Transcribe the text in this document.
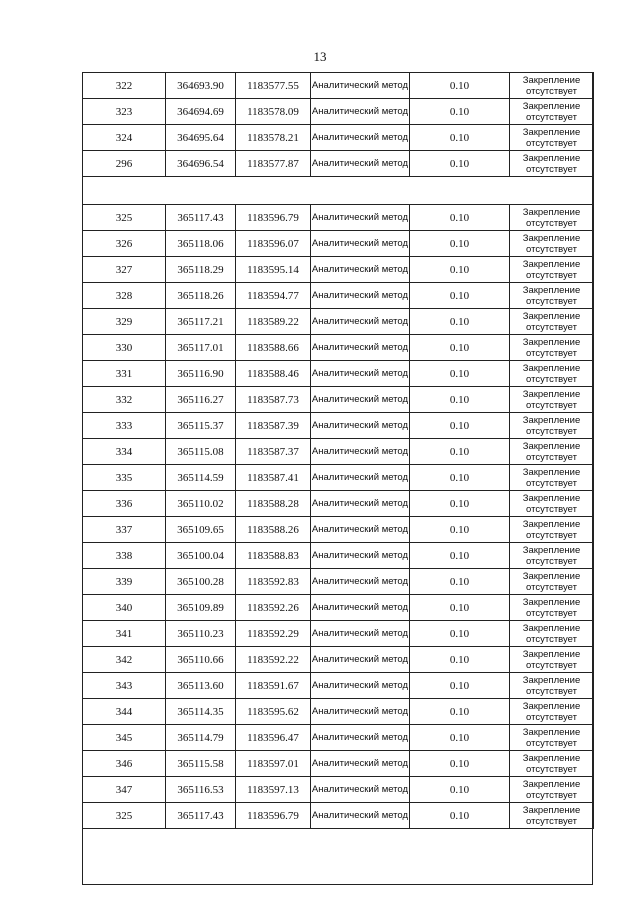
13
322	364693.90	1183577.55	Аналитический метод	0.10	Закрепление отсутствует
323	364694.69	1183578.09	Аналитический метод	0.10	Закрепление отсутствует
324	364695.64	1183578.21	Аналитический метод	0.10	Закрепление отсутствует
296	364696.54	1183577.87	Аналитический метод	0.10	Закрепление отсутствует

325	365117.43	1183596.79	Аналитический метод	0.10	Закрепление отсутствует
326	365118.06	1183596.07	Аналитический метод	0.10	Закрепление отсутствует
327	365118.29	1183595.14	Аналитический метод	0.10	Закрепление отсутствует
328	365118.26	1183594.77	Аналитический метод	0.10	Закрепление отсутствует
329	365117.21	1183589.22	Аналитический метод	0.10	Закрепление отсутствует
330	365117.01	1183588.66	Аналитический метод	0.10	Закрепление отсутствует
331	365116.90	1183588.46	Аналитический метод	0.10	Закрепление отсутствует
332	365116.27	1183587.73	Аналитический метод	0.10	Закрепление отсутствует
333	365115.37	1183587.39	Аналитический метод	0.10	Закрепление отсутствует
334	365115.08	1183587.37	Аналитический метод	0.10	Закрепление отсутствует
335	365114.59	1183587.41	Аналитический метод	0.10	Закрепление отсутствует
336	365110.02	1183588.28	Аналитический метод	0.10	Закрепление отсутствует
337	365109.65	1183588.26	Аналитический метод	0.10	Закрепление отсутствует
338	365100.04	1183588.83	Аналитический метод	0.10	Закрепление отсутствует
339	365100.28	1183592.83	Аналитический метод	0.10	Закрепление отсутствует
340	365109.89	1183592.26	Аналитический метод	0.10	Закрепление отсутствует
341	365110.23	1183592.29	Аналитический метод	0.10	Закрепление отсутствует
342	365110.66	1183592.22	Аналитический метод	0.10	Закрепление отсутствует
343	365113.60	1183591.67	Аналитический метод	0.10	Закрепление отсутствует
344	365114.35	1183595.62	Аналитический метод	0.10	Закрепление отсутствует
345	365114.79	1183596.47	Аналитический метод	0.10	Закрепление отсутствует
346	365115.58	1183597.01	Аналитический метод	0.10	Закрепление отсутствует
347	365116.53	1183597.13	Аналитический метод	0.10	Закрепление отсутствует
325	365117.43	1183596.79	Аналитический метод	0.10	Закрепление отсутствует
